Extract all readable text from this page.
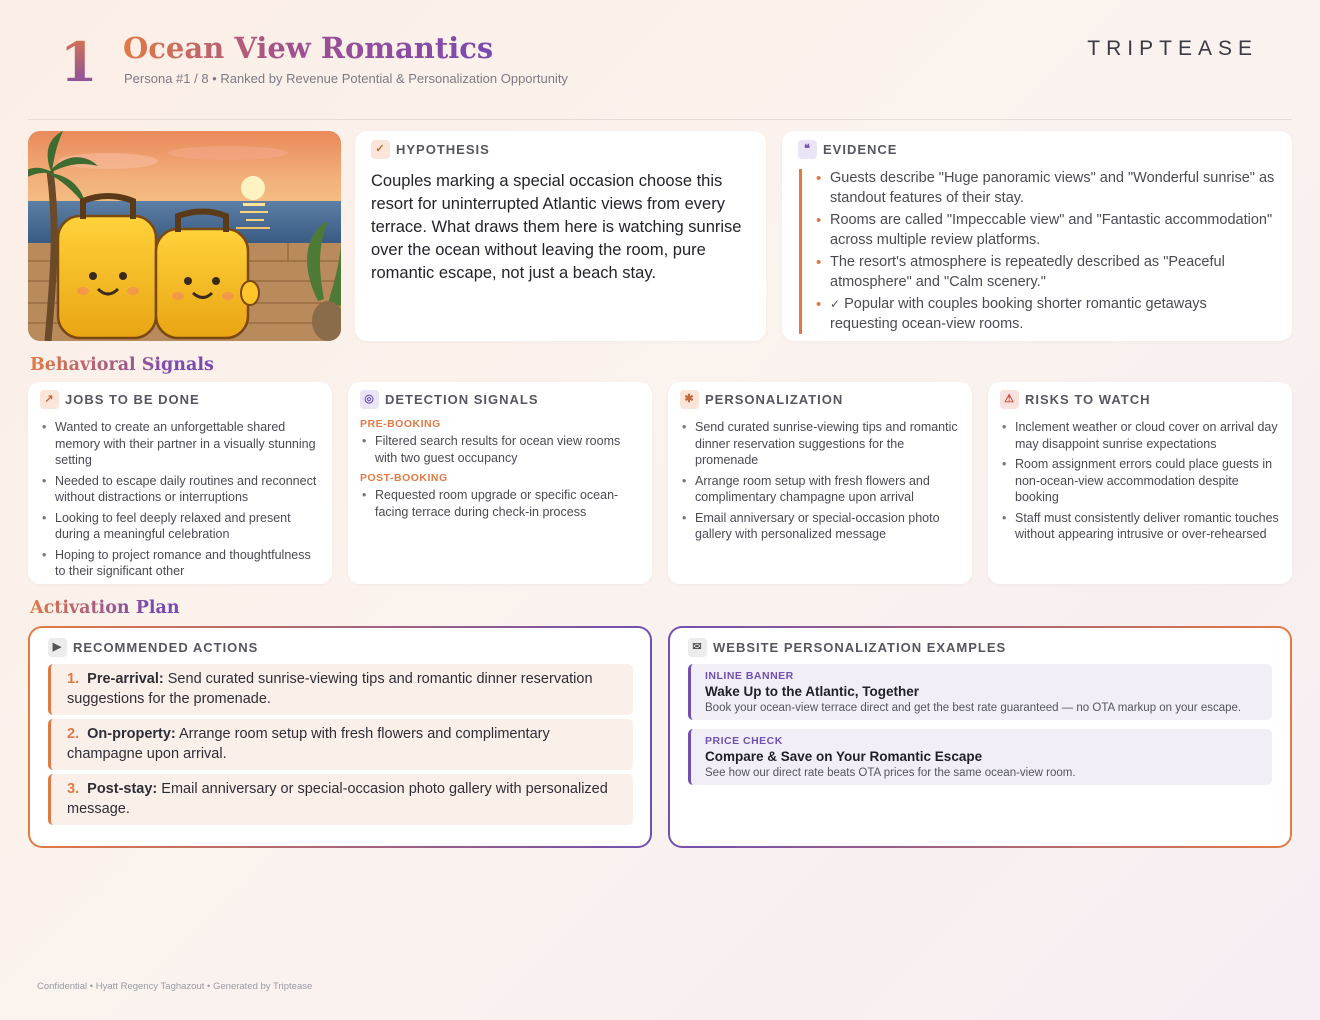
1 Ocean View Romantics
Persona #1 / 8 • Ranked by Revenue Potential & Personalization Opportunity
TRIPTEASE
✓ HYPOTHESIS
Couples marking a special occasion choose this resort for uninterrupted Atlantic views from every terrace. What draws them here is watching sunrise over the ocean without leaving the room, pure romantic escape, not just a beach stay.
❝ EVIDENCE
• Guests describe "Huge panoramic views" and "Wonderful sunrise" as standout features of their stay.
• Rooms are called "Impeccable view" and "Fantastic accommodation" across multiple review platforms.
• The resort's atmosphere is repeatedly described as "Peaceful atmosphere" and "Calm scenery."
• ✓ Popular with couples booking shorter romantic getaways requesting ocean-view rooms.
Behavioral Signals
↗ JOBS TO BE DONE
• Wanted to create an unforgettable shared memory with their partner in a visually stunning setting
• Needed to escape daily routines and reconnect without distractions or interruptions
• Looking to feel deeply relaxed and present during a meaningful celebration
• Hoping to project romance and thoughtfulness to their significant other
◎ DETECTION SIGNALS
PRE-BOOKING
• Filtered search results for ocean view rooms with two guest occupancy
POST-BOOKING
• Requested room upgrade or specific ocean-facing terrace during check-in process
✱ PERSONALIZATION
• Send curated sunrise-viewing tips and romantic dinner reservation suggestions for the promenade
• Arrange room setup with fresh flowers and complimentary champagne upon arrival
• Email anniversary or special-occasion photo gallery with personalized message
⚠ RISKS TO WATCH
• Inclement weather or cloud cover on arrival day may disappoint sunrise expectations
• Room assignment errors could place guests in non-ocean-view accommodation despite booking
• Staff must consistently deliver romantic touches without appearing intrusive or over-rehearsed
Activation Plan
▶ RECOMMENDED ACTIONS
1. Pre-arrival: Send curated sunrise-viewing tips and romantic dinner reservation suggestions for the promenade.
2. On-property: Arrange room setup with fresh flowers and complimentary champagne upon arrival.
3. Post-stay: Email anniversary or special-occasion photo gallery with personalized message.
✉ WEBSITE PERSONALIZATION EXAMPLES
INLINE BANNER
Wake Up to the Atlantic, Together
Book your ocean-view terrace direct and get the best rate guaranteed — no OTA markup on your escape.
PRICE CHECK
Compare & Save on Your Romantic Escape
See how our direct rate beats OTA prices for the same ocean-view room.
Confidential • Hyatt Regency Taghazout • Generated by Triptease
